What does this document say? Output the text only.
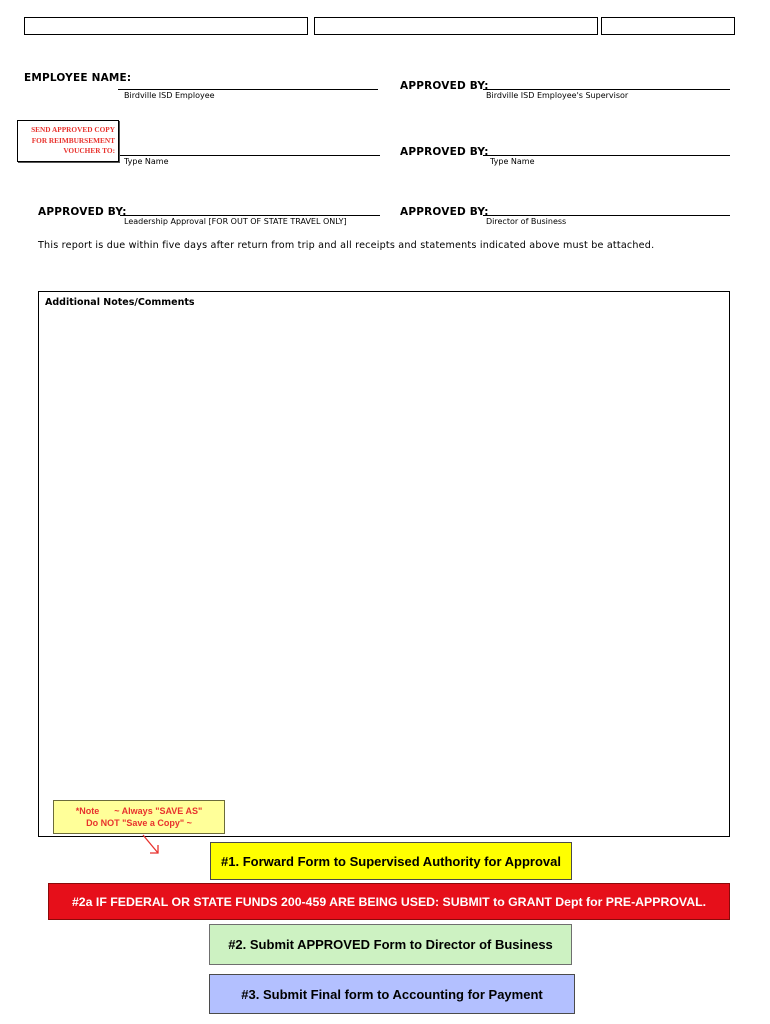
EMPLOYEE NAME:
Birdville ISD Employee
APPROVED BY:
Birdville ISD Employee's Supervisor
SEND APPROVED COPY
FOR REIMBURSEMENT
VOUCHER TO:
Type Name
APPROVED BY:
Type Name
APPROVED BY:
Leadership Approval [FOR OUT OF STATE TRAVEL ONLY]
APPROVED BY:
Director of Business
This report is due within five days after return from trip and all receipts and statements indicated above must be attached.
Additional Notes/Comments
*Note      ~ Always "SAVE AS"
Do NOT "Save a Copy" ~
#1. Forward Form to Supervised Authority for Approval
#2a IF FEDERAL OR STATE FUNDS 200-459 ARE BEING USED: SUBMIT to GRANT Dept for PRE-APPROVAL.
#2. Submit APPROVED Form to Director of Business
#3. Submit Final form to Accounting for Payment
